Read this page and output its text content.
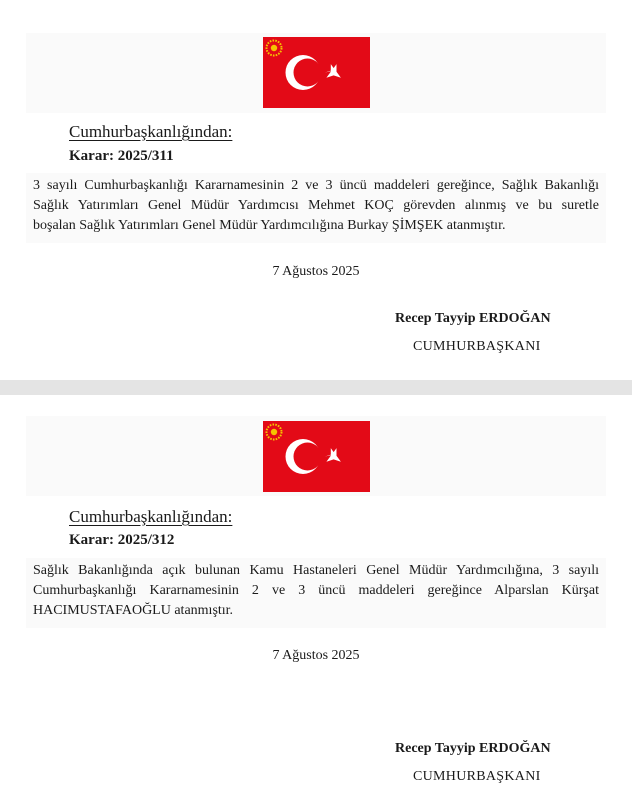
Cumhurbaşkanlığından:
Karar: 2025/311
3 sayılı Cumhurbaşkanlığı Kararnamesinin 2 ve 3 üncü maddeleri gereğince, Sağlık Bakanlığı
Sağlık Yatırımları Genel Müdür Yardımcısı Mehmet KOÇ görevden alınmış ve bu suretle
boşalan Sağlık Yatırımları Genel Müdür Yardımcılığına Burkay ŞİMŞEK atanmıştır.
7 Ağustos 2025
Recep Tayyip ERDOĞAN
CUMHURBAŞKANI
Cumhurbaşkanlığından:
Karar: 2025/312
Sağlık Bakanlığında açık bulunan Kamu Hastaneleri Genel Müdür Yardımcılığına, 3 sayılı
Cumhurbaşkanlığı Kararnamesinin 2 ve 3 üncü maddeleri gereğince Alparslan Kürşat
HACIMUSTAFAOĞLU atanmıştır.
7 Ağustos 2025
Recep Tayyip ERDOĞAN
CUMHURBAŞKANI
